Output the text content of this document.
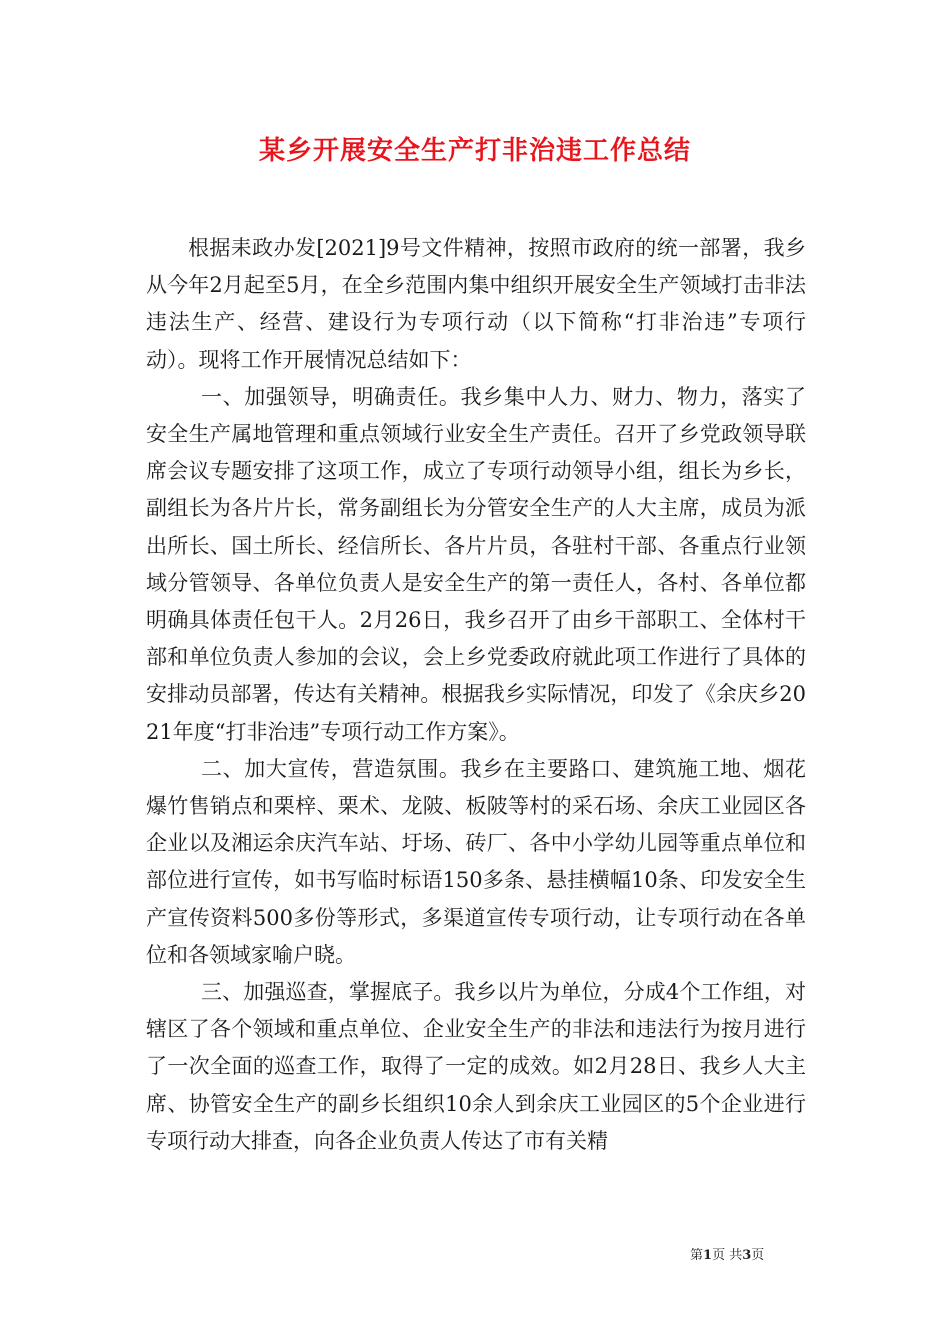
某乡开展安全生产打非治违工作总结

根据耒政办发[2021]9号文件精神，按照市政府的统一部署，我乡从今年2月起至5月，在全乡范围内集中组织开展安全生产领域打击非法违法生产、经营、建设行为专项行动（以下简称“打非治违”专项行动）。现将工作开展情况总结如下：

一、加强领导，明确责任。我乡集中人力、财力、物力，落实了安全生产属地管理和重点领域行业安全生产责任。召开了乡党政领导联席会议专题安排了这项工作，成立了专项行动领导小组，组长为乡长，副组长为各片片长，常务副组长为分管安全生产的人大主席，成员为派出所长、国土所长、经信所长、各片片员，各驻村干部、各重点行业领域分管领导、各单位负责人是安全生产的第一责任人，各村、各单位都明确具体责任包干人。2月26日，我乡召开了由乡干部职工、全体村干部和单位负责人参加的会议，会上乡党委政府就此项工作进行了具体的安排动员部署，传达有关精神。根据我乡实际情况，印发了《余庆乡2021年度“打非治违”专项行动工作方案》。

二、加大宣传，营造氛围。我乡在主要路口、建筑施工地、烟花爆竹售销点和栗梓、栗术、龙陂、板陂等村的采石场、余庆工业园区各企业以及湘运余庆汽车站、圩场、砖厂、各中小学幼儿园等重点单位和部位进行宣传，如书写临时标语150多条、悬挂横幅10条、印发安全生产宣传资料500多份等形式，多渠道宣传专项行动，让专项行动在各单位和各领域家喻户晓。

三、加强巡查，掌握底子。我乡以片为单位，分成4个工作组，对辖区了各个领域和重点单位、企业安全生产的非法和违法行为按月进行了一次全面的巡查工作，取得了一定的成效。如2月28日、我乡人大主席、协管安全生产的副乡长组织10余人到余庆工业园区的5个企业进行专项行动大排查，向各企业负责人传达了市有关精

第1页 共3页
